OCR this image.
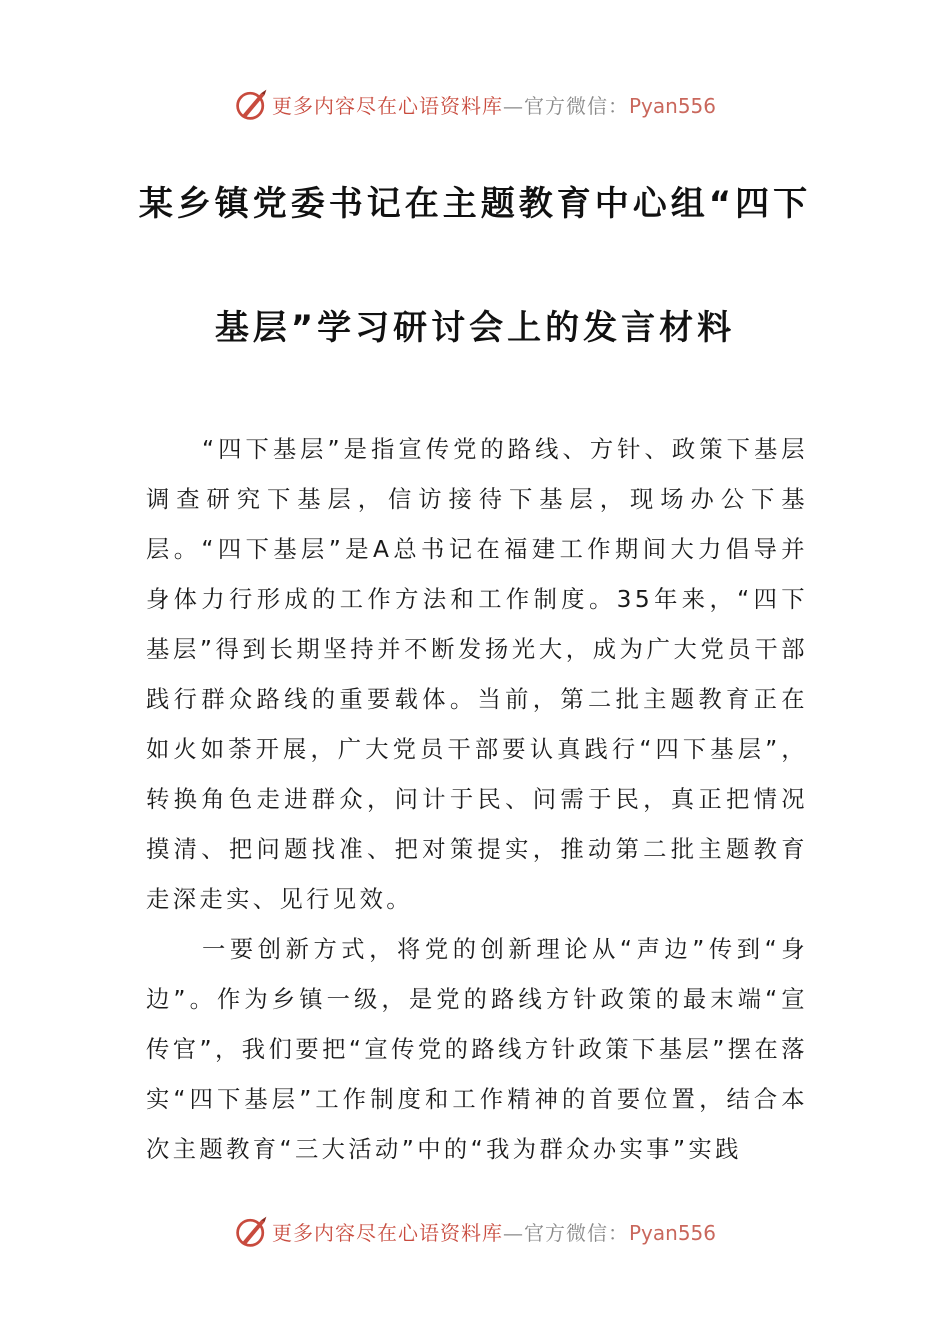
更多内容尽在心语资料库—官方微信：Pyan556
某乡镇党委书记在主题教育中心组“四下
基层”学习研讨会上的发言材料

“四下基层”是指宣传党的路线、方针、政策下基层调查研究下基层，信访接待下基层，现场办公下基层。“四下基层”是A总书记在福建工作期间大力倡导并身体力行形成的工作方法和工作制度。35年来，“四下基层”得到长期坚持并不断发扬光大，成为广大党员干部践行群众路线的重要载体。当前，第二批主题教育正在如火如荼开展，广大党员干部要认真践行“四下基层”，转换角色走进群众，问计于民、问需于民，真正把情况摸清、把问题找准、把对策提实，推动第二批主题教育走深走实、见行见效。

一要创新方式，将党的创新理论从“声边”传到“身边”。作为乡镇一级，是党的路线方针政策的最末端“宣传官”，我们要把“宣传党的路线方针政策下基层”摆在落实“四下基层”工作制度和工作精神的首要位置，结合本次主题教育“三大活动”中的“我为群众办实事”实践

更多内容尽在心语资料库—官方微信：Pyan556
